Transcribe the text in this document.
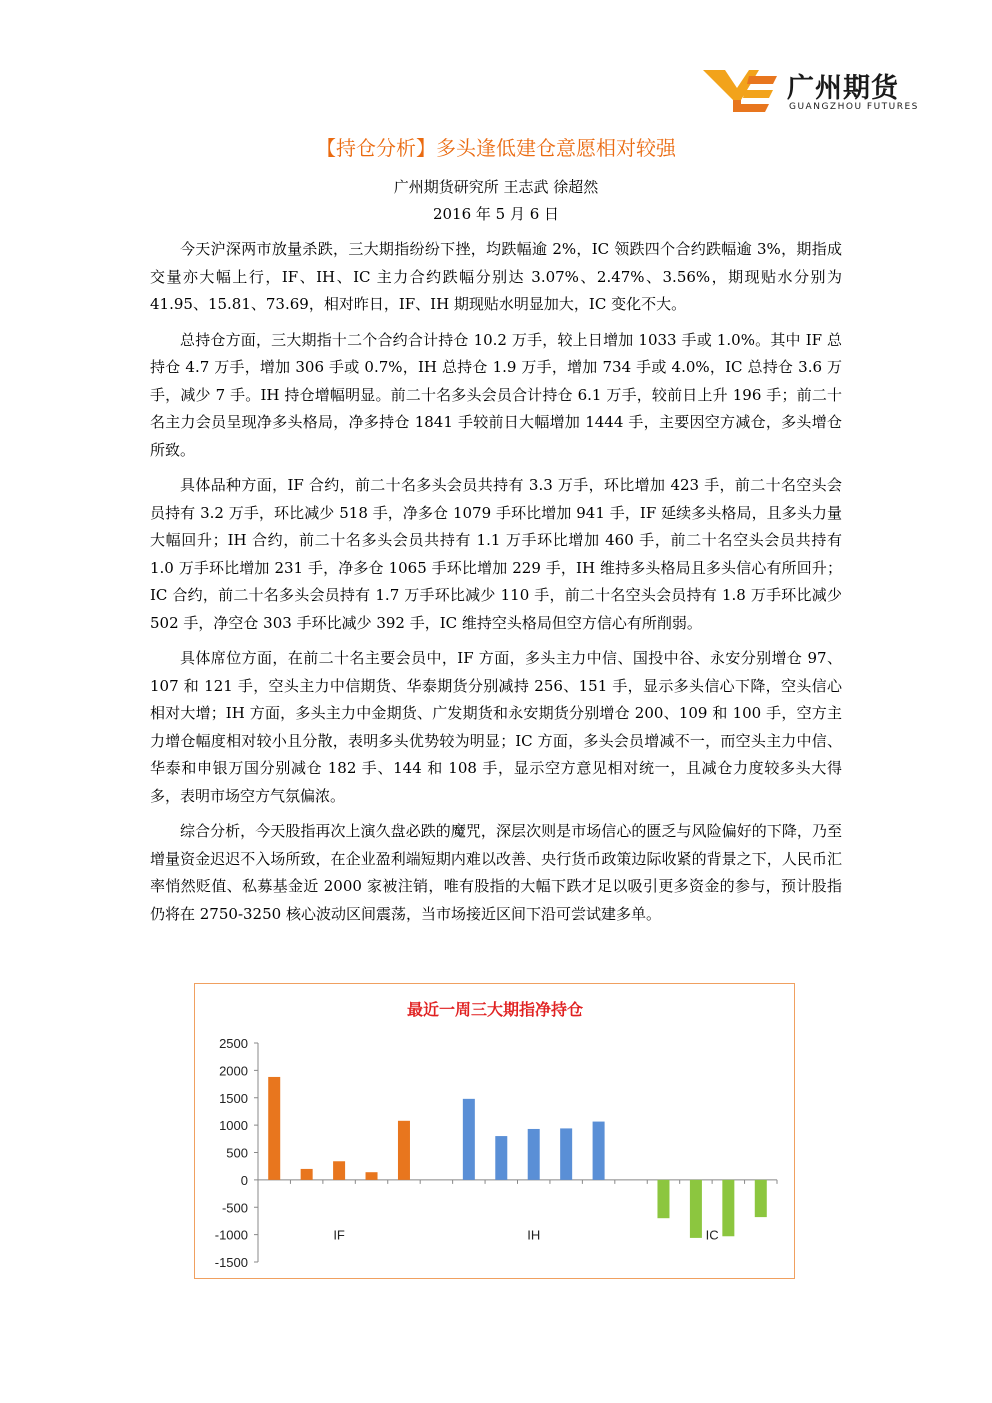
广州期货
GUANGZHOU FUTURES
【持仓分析】多头逢低建仓意愿相对较强
广州期货研究所 王志武 徐超然
2016 年 5 月 6 日

今天沪深两市放量杀跌，三大期指纷纷下挫，均跌幅逾 2%，IC 领跌四个合约跌幅逾 3%，期指成交量亦大幅上行，IF、IH、IC 主力合约跌幅分别达 3.07%、2.47%、3.56%，期现贴水分别为 41.95、15.81、73.69，相对昨日，IF、IH 期现贴水明显加大，IC 变化不大。

总持仓方面，三大期指十二个合约合计持仓 10.2 万手，较上日增加 1033 手或 1.0%。其中 IF 总持仓 4.7 万手，增加 306 手或 0.7%，IH 总持仓 1.9 万手，增加 734 手或 4.0%，IC 总持仓 3.6 万手，减少 7 手。IH 持仓增幅明显。前二十名多头会员合计持仓 6.1 万手，较前日上升 196 手；前二十名主力会员呈现净多头格局，净多持仓 1841 手较前日大幅增加 1444 手，主要因空方减仓，多头增仓所致。

具体品种方面，IF 合约，前二十名多头会员共持有 3.3 万手，环比增加 423 手，前二十名空头会员持有 3.2 万手，环比减少 518 手，净多仓 1079 手环比增加 941 手，IF 延续多头格局，且多头力量大幅回升；IH 合约，前二十名多头会员共持有 1.1 万手环比增加 460 手，前二十名空头会员共持有 1.0 万手环比增加 231 手，净多仓 1065 手环比增加 229 手，IH 维持多头格局且多头信心有所回升；IC 合约，前二十名多头会员持有 1.7 万手环比减少 110 手，前二十名空头会员持有 1.8 万手环比减少 502 手，净空仓 303 手环比减少 392 手，IC 维持空头格局但空方信心有所削弱。

具体席位方面，在前二十名主要会员中，IF 方面，多头主力中信、国投中谷、永安分别增仓 97、107 和 121 手，空头主力中信期货、华泰期货分别减持 256、151 手，显示多头信心下降，空头信心相对大增；IH 方面，多头主力中金期货、广发期货和永安期货分别增仓 200、109 和 100 手，空方主力增仓幅度相对较小且分散，表明多头优势较为明显；IC 方面，多头会员增减不一，而空头主力中信、华泰和申银万国分别减仓 182 手、144 和 108 手，显示空方意见相对统一，且减仓力度较多头大得多，表明市场空方气氛偏浓。

综合分析，今天股指再次上演久盘必跌的魔咒，深层次则是市场信心的匮乏与风险偏好的下降，乃至增量资金迟迟不入场所致，在企业盈利端短期内难以改善、央行货币政策边际收紧的背景之下，人民币汇率悄然贬值、私募基金近 2000 家被注销，唯有股指的大幅下跌才足以吸引更多资金的参与，预计股指仍将在 2750-3250 核心波动区间震荡，当市场接近区间下沿可尝试建多单。

最近一周三大期指净持仓
2500
2000
1500
1000
500
0
-500
-1000
-1500
IF	IH	IC
